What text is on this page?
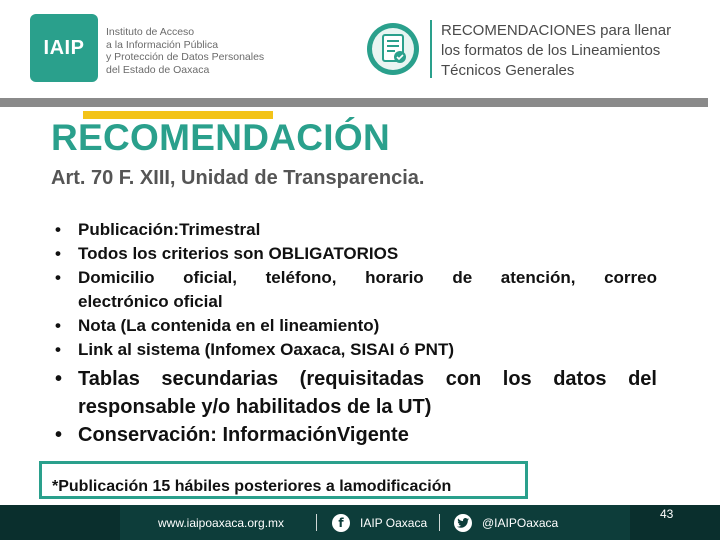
IAIP
Instituto de Acceso
a la Información Pública
y Protección de Datos Personales
del Estado de Oaxaca
RECOMENDACIONES para llenar
los formatos de los Lineamientos
Técnicos Generales
RECOMENDACIÓN
Art. 70 F. XIII, Unidad de Transparencia.
• Publicación:Trimestral
• Todos los criterios son OBLIGATORIOS
• Domicilio oficial, teléfono, horario de atención, correo
electrónico oficial
• Nota (La contenida en el lineamiento)
• Link al sistema (Infomex Oaxaca, SISAI ó PNT)
• Tablas secundarias (requisitadas con los datos del
responsable y/o habilitados de la UT)
• Conservación: InformaciónVigente
*Publicación 15 hábiles posteriores a lamodificación
www.iaipoaxaca.org.mx	f	IAIP Oaxaca	@IAIPOaxaca
43
